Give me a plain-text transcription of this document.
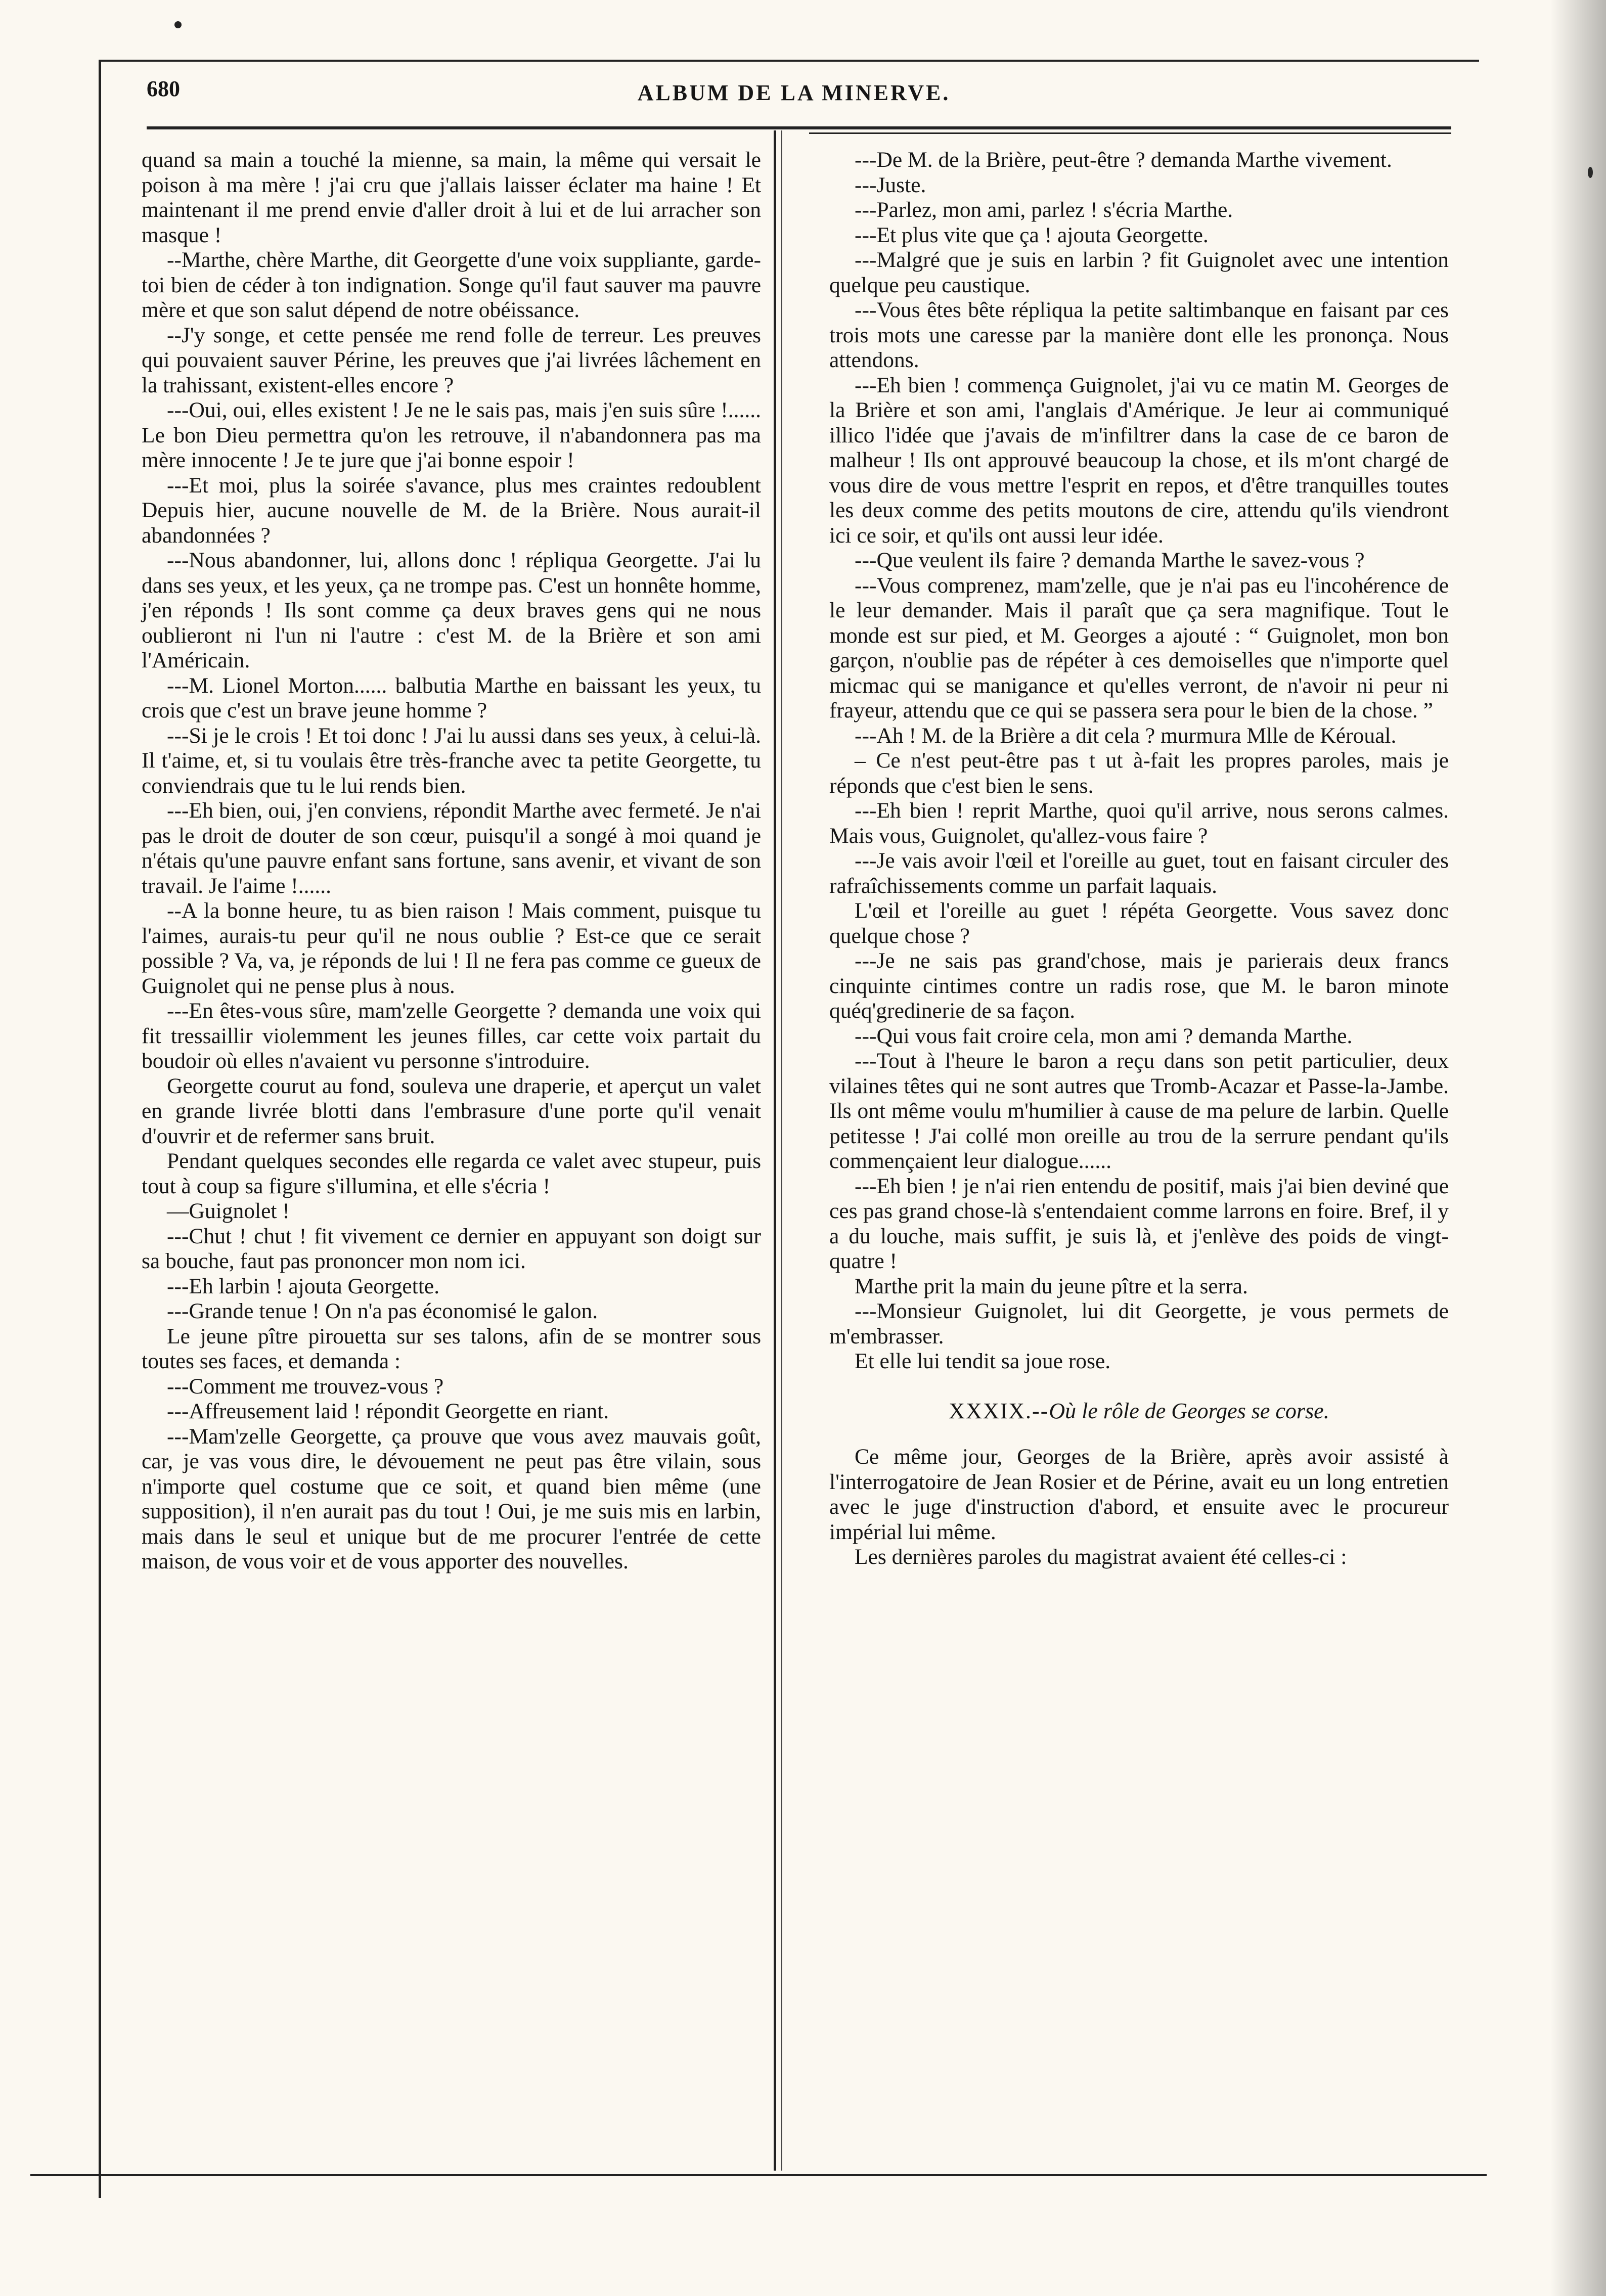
680	ALBUM DE LA MINERVE.

quand sa main a touché la mienne, sa main, la même qui versait le poison à ma mère ! j'ai cru que j'allais laisser éclater ma haine ! Et maintenant il me prend envie d'aller droit à lui et de lui arracher son masque !

--Marthe, chère Marthe, dit Georgette d'une voix suppliante, garde-toi bien de céder à ton indignation. Songe qu'il faut sauver ma pauvre mère et que son salut dépend de notre obéissance.

--J'y songe, et cette pensée me rend folle de terreur. Les preuves qui pouvaient sauver Périne, les preuves que j'ai livrées lâchement en la trahissant, existent-elles encore ?

---Oui, oui, elles existent ! Je ne le sais pas, mais j'en suis sûre !...... Le bon Dieu permettra qu'on les retrouve, il n'abandonnera pas ma mère innocente ! Je te jure que j'ai bonne espoir !

---Et moi, plus la soirée s'avance, plus mes craintes redoublent Depuis hier, aucune nouvelle de M. de la Brière. Nous aurait-il abandonnées ?

---Nous abandonner, lui, allons donc ! répliqua Georgette. J'ai lu dans ses yeux, et les yeux, ça ne trompe pas. C'est un honnête homme, j'en réponds ! Ils sont comme ça deux braves gens qui ne nous oublieront ni l'un ni l'autre : c'est M. de la Brière et son ami l'Américain.

---M. Lionel Morton...... balbutia Marthe en baissant les yeux, tu crois que c'est un brave jeune homme ?

---Si je le crois ! Et toi donc ! J'ai lu aussi dans ses yeux, à celui-là. Il t'aime, et, si tu voulais être très-franche avec ta petite Georgette, tu conviendrais que tu le lui rends bien.

---Eh bien, oui, j'en conviens, répondit Marthe avec fermeté. Je n'ai pas le droit de douter de son cœur, puisqu'il a songé à moi quand je n'étais qu'une pauvre enfant sans fortune, sans avenir, et vivant de son travail. Je l'aime !......

--A la bonne heure, tu as bien raison ! Mais comment, puisque tu l'aimes, aurais-tu peur qu'il ne nous oublie ? Est-ce que ce serait possible ? Va, va, je réponds de lui ! Il ne fera pas comme ce gueux de Guignolet qui ne pense plus à nous.

---En êtes-vous sûre, mam'zelle Georgette ? demanda une voix qui fit tressaillir violemment les jeunes filles, car cette voix partait du boudoir où elles n'avaient vu personne s'introduire.

Georgette courut au fond, souleva une draperie, et aperçut un valet en grande livrée blotti dans l'embrasure d'une porte qu'il venait d'ouvrir et de refermer sans bruit.

Pendant quelques secondes elle regarda ce valet avec stupeur, puis tout à coup sa figure s'illumina, et elle s'écria !

—Guignolet !

---Chut ! chut ! fit vivement ce dernier en appuyant son doigt sur sa bouche, faut pas prononcer mon nom ici.

---Eh larbin ! ajouta Georgette.

---Grande tenue ! On n'a pas économisé le galon.

Le jeune pître pirouetta sur ses talons, afin de se montrer sous toutes ses faces, et demanda :

---Comment me trouvez-vous ?

---Affreusement laid ! répondit Georgette en riant.

---Mam'zelle Georgette, ça prouve que vous avez mauvais goût, car, je vas vous dire, le dévouement ne peut pas être vilain, sous n'importe quel costume que ce soit, et quand bien même (une supposition), il n'en aurait pas du tout ! Oui, je me suis mis en larbin, mais dans le seul et unique but de me procurer l'entrée de cette maison, de vous voir et de vous apporter des nouvelles.

---De M. de la Brière, peut-être ? demanda Marthe vivement.

---Juste.

---Parlez, mon ami, parlez ! s'écria Marthe.

---Et plus vite que ça ! ajouta Georgette.

---Malgré que je suis en larbin ? fit Guignolet avec une intention quelque peu caustique.

---Vous êtes bête répliqua la petite saltimbanque en faisant par ces trois mots une caresse par la manière dont elle les prononça. Nous attendons.

---Eh bien ! commença Guignolet, j'ai vu ce matin M. Georges de la Brière et son ami, l'anglais d'Amérique. Je leur ai communiqué illico l'idée que j'avais de m'infiltrer dans la case de ce baron de malheur ! Ils ont approuvé beaucoup la chose, et ils m'ont chargé de vous dire de vous mettre l'esprit en repos, et d'être tranquilles toutes les deux comme des petits moutons de cire, attendu qu'ils viendront ici ce soir, et qu'ils ont aussi leur idée.

---Que veulent ils faire ? demanda Marthe le savez-vous ?

---Vous comprenez, mam'zelle, que je n'ai pas eu l'incohérence de le leur demander. Mais il paraît que ça sera magnifique. Tout le monde est sur pied, et M. Georges a ajouté : “ Guignolet, mon bon garçon, n'oublie pas de répéter à ces demoiselles que n'importe quel micmac qui se manigance et qu'elles verront, de n'avoir ni peur ni frayeur, attendu que ce qui se passera sera pour le bien de la chose. ”

---Ah ! M. de la Brière a dit cela ? murmura Mlle de Kéroual.

– Ce n'est peut-être pas t ut à-fait les propres paroles, mais je réponds que c'est bien le sens.

---Eh bien ! reprit Marthe, quoi qu'il arrive, nous serons calmes. Mais vous, Guignolet, qu'allez-vous faire ?

---Je vais avoir l'œil et l'oreille au guet, tout en faisant circuler des rafraîchissements comme un parfait laquais.

L'œil et l'oreille au guet ! répéta Georgette. Vous savez donc quelque chose ?

---Je ne sais pas grand'chose, mais je parierais deux francs cinquinte cintimes contre un radis rose, que M. le baron minote quéq'gredinerie de sa façon.

---Qui vous fait croire cela, mon ami ? demanda Marthe.

---Tout à l'heure le baron a reçu dans son petit particulier, deux vilaines têtes qui ne sont autres que Tromb-Acazar et Passe-la-Jambe. Ils ont même voulu m'humilier à cause de ma pelure de larbin. Quelle petitesse ! J'ai collé mon oreille au trou de la serrure pendant qu'ils commençaient leur dialogue......

---Eh bien ! je n'ai rien entendu de positif, mais j'ai bien deviné que ces pas grand chose-là s'entendaient comme larrons en foire. Bref, il y a du louche, mais suffit, je suis là, et j'enlève des poids de vingt-quatre !

Marthe prit la main du jeune pître et la serra.

---Monsieur Guignolet, lui dit Georgette, je vous permets de m'embrasser.

Et elle lui tendit sa joue rose.

XXXIX.--Où le rôle de Georges se corse.

Ce même jour, Georges de la Brière, après avoir assisté à l'interrogatoire de Jean Rosier et de Périne, avait eu un long entretien avec le juge d'instruction d'abord, et ensuite avec le procureur impérial lui même.

Les dernières paroles du magistrat avaient été celles-ci :
